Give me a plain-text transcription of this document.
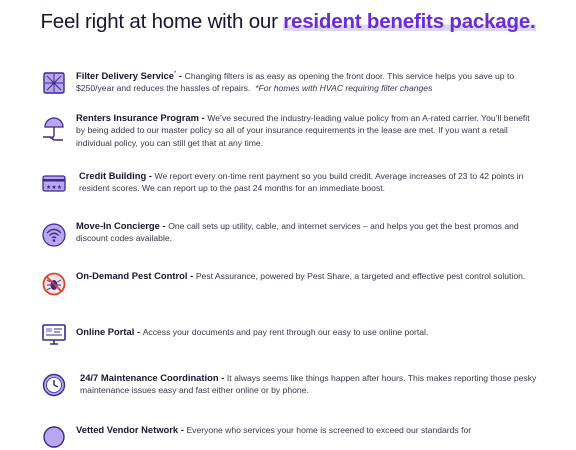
Feel right at home with our resident benefits package.
Filter Delivery Service* - Changing filters is as easy as opening the front door. This service helps you save up to $250/year and reduces the hassles of repairs. *For homes with HVAC requiring filter changes
Renters Insurance Program - We’ve secured the industry-leading value policy from an A-rated carrier. You’ll benefit by being added to our master policy so all of your insurance requirements in the lease are met. If you want a retail individual policy, you can still get that at any time.
★★★
Credit Building - We report every on-time rent payment so you build credit. Average increases of 23 to 42 points in resident scores. We can report up to the past 24 months for an immediate boost.
Move-In Concierge - One call sets up utility, cable, and internet services – and helps you get the best promos and discount codes available.
On-Demand Pest Control - Pest Assurance, powered by Pest Share, a targeted and effective pest control solution.
Online Portal - Access your documents and pay rent through our easy to use online portal.
24/7 Maintenance Coordination - It always seems like things happen after hours. This makes reporting those pesky maintenance issues easy and fast either online or by phone.
Vetted Vendor Network - Everyone who services your home is screened to exceed our standards for
